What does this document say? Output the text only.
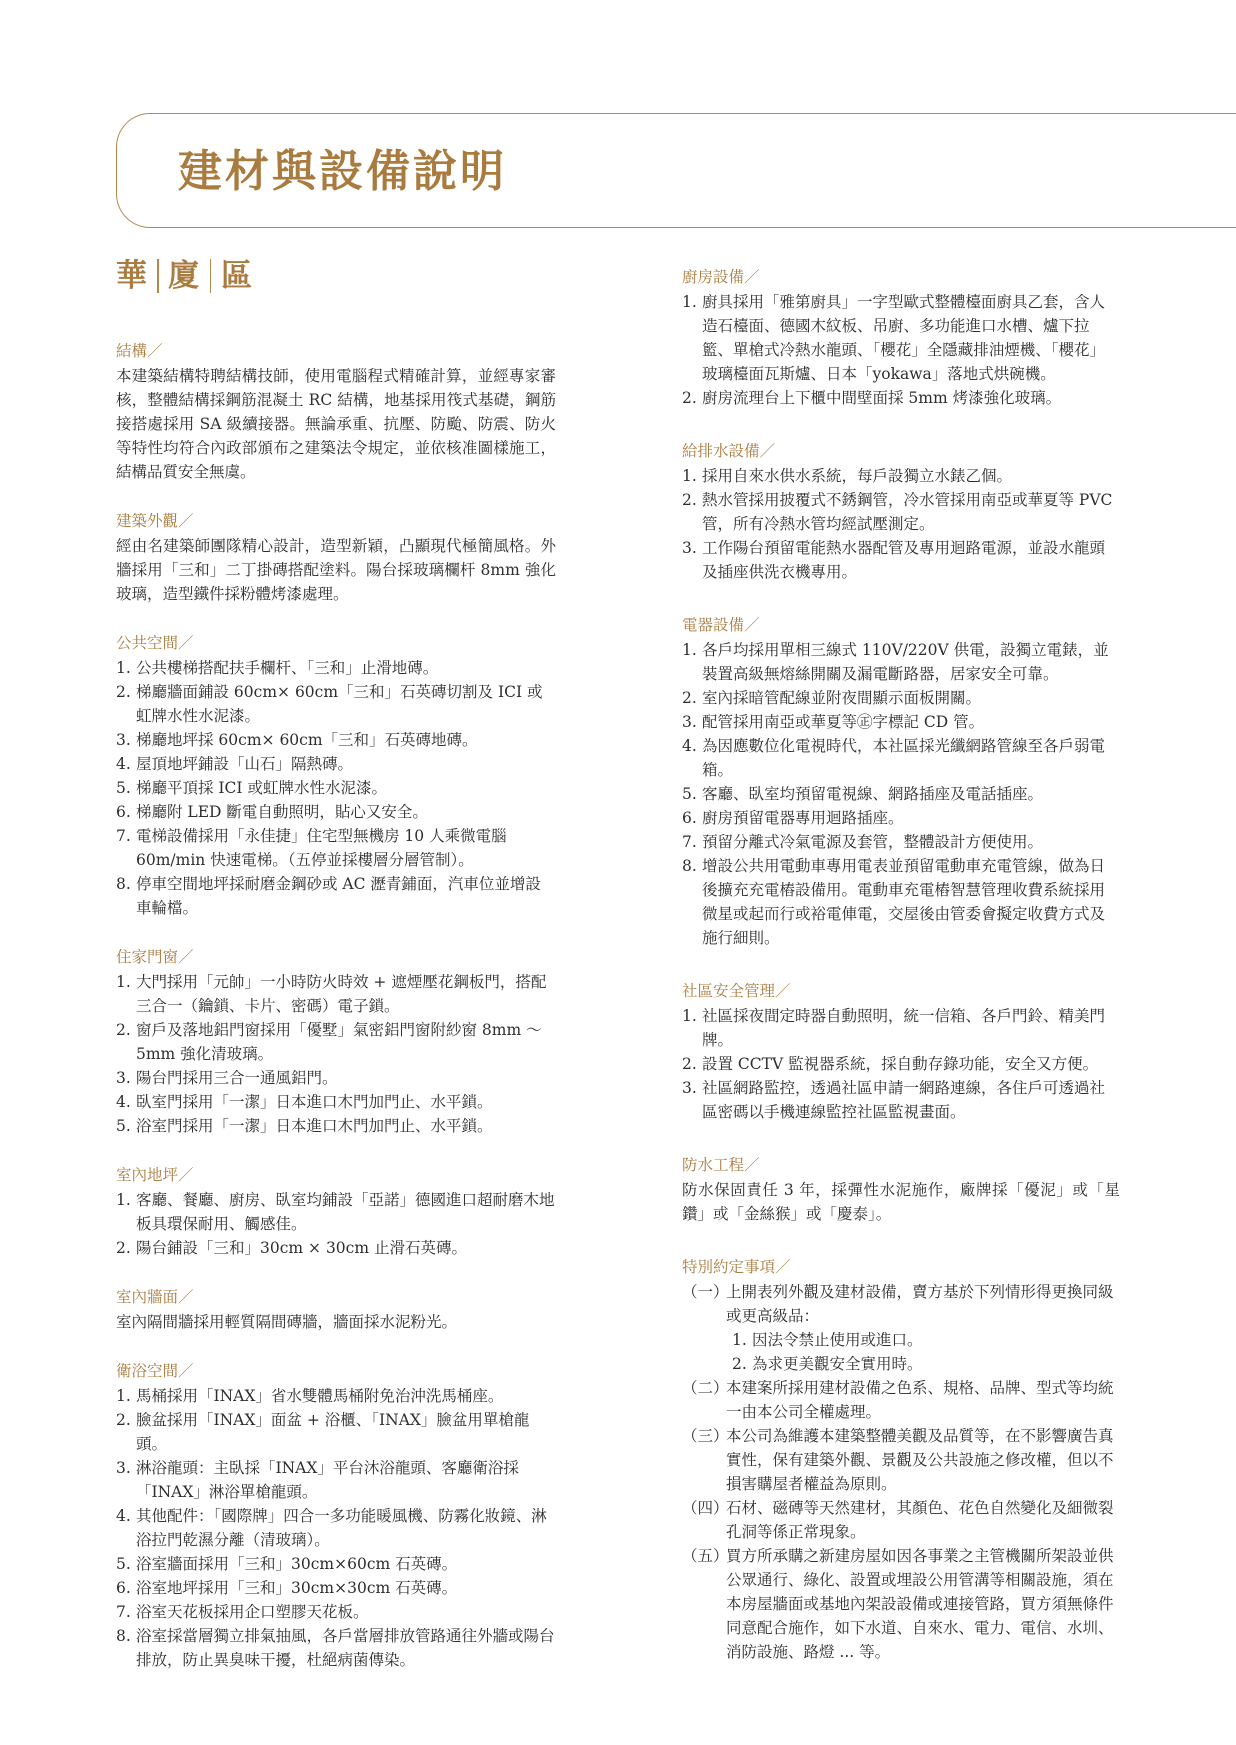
建材與設備說明
華 廈 區
結構／

本建築結構特聘結構技師，使用電腦程式精確計算，並經專家審核，整體結構採鋼筋混凝土 RC 結構，地基採用筏式基礎，鋼筋接搭處採用 SA 級續接器。無論承重、抗壓、防颱、防震、防火等特性均符合內政部頒布之建築法令規定，並依核准圖樣施工，結構品質安全無虞。

建築外觀／

經由名建築師團隊精心設計，造型新穎，凸顯現代極簡風格。外牆採用「三和」二丁掛磚搭配塗料。陽台採玻璃欄杆 8mm 強化玻璃，造型鐵件採粉體烤漆處理。

公共空間／
1. 公共樓梯搭配扶手欄杆、「三和」止滑地磚。
2. 梯廳牆面鋪設 60cm× 60cm「三和」石英磚切割及 ICI 或虹牌水性水泥漆。
3. 梯廳地坪採 60cm× 60cm「三和」石英磚地磚。
4. 屋頂地坪鋪設「山石」隔熱磚。
5. 梯廳平頂採 ICI 或虹牌水性水泥漆。
6. 梯廳附 LED 斷電自動照明，貼心又安全。
7. 電梯設備採用「永佳捷」住宅型無機房 10 人乘微電腦 60m/min 快速電梯。（五停並採樓層分層管制）。
8. 停車空間地坪採耐磨金鋼砂或 AC 瀝青鋪面，汽車位並增設車輪檔。
住家門窗／
1. 大門採用「元帥」一小時防火時效 + 遮煙壓花鋼板門，搭配三合一（鑰鎖、卡片、密碼）電子鎖。
2. 窗戶及落地鋁門窗採用「優墅」氣密鋁門窗附紗窗 8mm ～ 5mm 強化清玻璃。
3. 陽台門採用三合一通風鋁門。
4. 臥室門採用「一潔」日本進口木門加門止、水平鎖。
5. 浴室門採用「一潔」日本進口木門加門止、水平鎖。
室內地坪／
1. 客廳、餐廳、廚房、臥室均鋪設「亞諾」德國進口超耐磨木地板具環保耐用、觸感佳。
2. 陽台鋪設「三和」30cm × 30cm 止滑石英磚。
室內牆面／

室內隔間牆採用輕質隔間磚牆，牆面採水泥粉光。

衛浴空間／
1. 馬桶採用「INAX」省水雙體馬桶附免治沖洗馬桶座。
2. 臉盆採用「INAX」面盆 + 浴櫃、「INAX」臉盆用單槍龍頭。
3. 淋浴龍頭：主臥採「INAX」平台沐浴龍頭、客廳衛浴採「INAX」淋浴單槍龍頭。
4. 其他配件：「國際牌」四合一多功能暖風機、防霧化妝鏡、淋浴拉門乾濕分離（清玻璃）。
5. 浴室牆面採用「三和」30cm×60cm 石英磚。
6. 浴室地坪採用「三和」30cm×30cm 石英磚。
7. 浴室天花板採用企口塑膠天花板。
8. 浴室採當層獨立排氣抽風，各戶當層排放管路通往外牆或陽台排放，防止異臭味干擾，杜絕病菌傳染。
廚房設備／
1. 廚具採用「雅第廚具」一字型歐式整體檯面廚具乙套，含人造石檯面、德國木紋板、吊廚、多功能進口水槽、爐下拉籃、單槍式冷熱水龍頭、「櫻花」全隱藏排油煙機、「櫻花」玻璃檯面瓦斯爐、日本「yokawa」落地式烘碗機。
2. 廚房流理台上下櫃中間壁面採 5mm 烤漆強化玻璃。
給排水設備／
1. 採用自來水供水系統，每戶設獨立水錶乙個。
2. 熱水管採用披覆式不銹鋼管，冷水管採用南亞或華夏等 PVC 管，所有冷熱水管均經試壓測定。
3. 工作陽台預留電能熱水器配管及專用迴路電源，並設水龍頭及插座供洗衣機專用。
電器設備／
1. 各戶均採用單相三線式 110V/220V 供電，設獨立電錶，並裝置高級無熔絲開關及漏電斷路器，居家安全可靠。
2. 室內採暗管配線並附夜間顯示面板開關。
3. 配管採用南亞或華夏等㊣字標記 CD 管。
4. 為因應數位化電視時代，本社區採光纖網路管線至各戶弱電箱。
5. 客廳、臥室均預留電視線、網路插座及電話插座。
6. 廚房預留電器專用迴路插座。
7. 預留分離式冷氣電源及套管，整體設計方便使用。
8. 增設公共用電動車專用電表並預留電動車充電管線，做為日後擴充充電樁設備用。電動車充電樁智慧管理收費系統採用微星或起而行或裕電俥電，交屋後由管委會擬定收費方式及施行細則。
社區安全管理／
1. 社區採夜間定時器自動照明，統一信箱、各戶門鈴、精美門牌。
2. 設置 CCTV 監視器系統，採自動存錄功能，安全又方便。
3. 社區網路監控，透過社區申請一網路連線，各住戶可透過社區密碼以手機連線監控社區監視畫面。
防水工程／

防水保固責任 3 年，採彈性水泥施作，廠牌採「優泥」或「星鑽」或「金絲猴」或「慶泰」。

特別約定事項／
（一）
上開表列外觀及建材設備，賣方基於下列情形得更換同級或更高級品：
1. 因法令禁止使用或進口。
2. 為求更美觀安全實用時。
（二）
本建案所採用建材設備之色系、規格、品牌、型式等均統一由本公司全權處理。
（三）
本公司為維護本建築整體美觀及品質等，在不影響廣告真實性，保有建築外觀、景觀及公共設施之修改權，但以不損害購屋者權益為原則。
（四）
石材、磁磚等天然建材，其顏色、花色自然變化及細微裂孔洞等係正常現象。
（五）
買方所承購之新建房屋如因各事業之主管機關所架設並供公眾通行、綠化、設置或埋設公用管溝等相關設施，須在本房屋牆面或基地內架設設備或連接管路，買方須無條件同意配合施作，如下水道、自來水、電力、電信、水圳、消防設施、路燈 ... 等。
